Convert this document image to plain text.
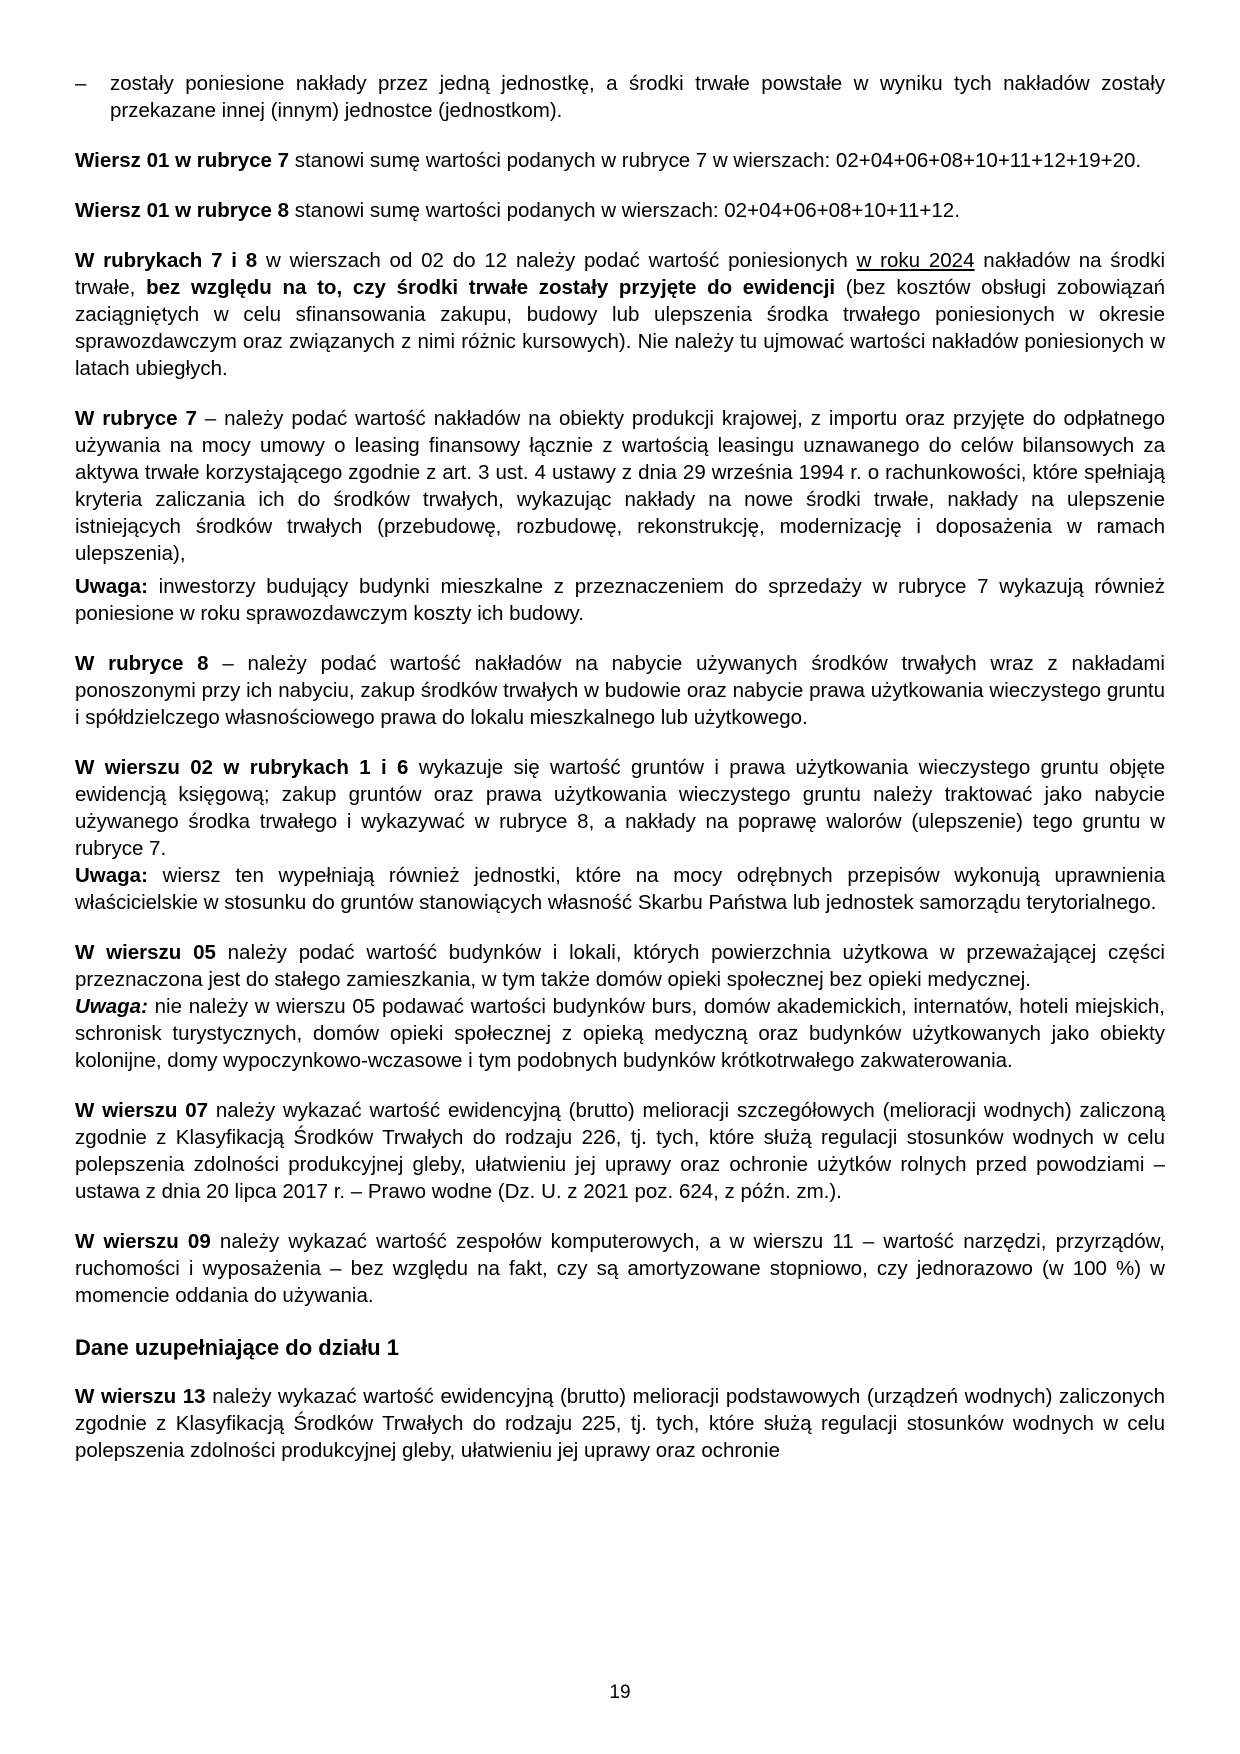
– zostały poniesione nakłady przez jedną jednostkę, a środki trwałe powstałe w wyniku tych nakładów zostały przekazane innej (innym) jednostce (jednostkom).

Wiersz 01 w rubryce 7 stanowi sumę wartości podanych w rubryce 7 w wierszach: 02+04+06+08+10+11+12+19+20.

Wiersz 01 w rubryce 8 stanowi sumę wartości podanych w wierszach: 02+04+06+08+10+11+12.

W rubrykach 7 i 8 w wierszach od 02 do 12 należy podać wartość poniesionych w roku 2024 nakładów na środki trwałe, bez względu na to, czy środki trwałe zostały przyjęte do ewidencji (bez kosztów obsługi zobowiązań zaciągniętych w celu sfinansowania zakupu, budowy lub ulepszenia środka trwałego poniesionych w okresie sprawozdawczym oraz związanych z nimi różnic kursowych). Nie należy tu ujmować wartości nakładów poniesionych w latach ubiegłych.

W rubryce 7 – należy podać wartość nakładów na obiekty produkcji krajowej, z importu oraz przyjęte do odpłatnego używania na mocy umowy o leasing finansowy łącznie z wartością leasingu uznawanego do celów bilansowych za aktywa trwałe korzystającego zgodnie z art. 3 ust. 4 ustawy z dnia 29 września 1994 r. o rachunkowości, które spełniają kryteria zaliczania ich do środków trwałych, wykazując nakłady na nowe środki trwałe, nakłady na ulepszenie istniejących środków trwałych (przebudowę, rozbudowę, rekonstrukcję, modernizację i doposażenia w ramach ulepszenia),

Uwaga: inwestorzy budujący budynki mieszkalne z przeznaczeniem do sprzedaży w rubryce 7 wykazują również poniesione w roku sprawozdawczym koszty ich budowy.

W rubryce 8 – należy podać wartość nakładów na nabycie używanych środków trwałych wraz z nakładami ponoszonymi przy ich nabyciu, zakup środków trwałych w budowie oraz nabycie prawa użytkowania wieczystego gruntu i spółdzielczego własnościowego prawa do lokalu mieszkalnego lub użytkowego.

W wierszu 02 w rubrykach 1 i 6 wykazuje się wartość gruntów i prawa użytkowania wieczystego gruntu objęte ewidencją księgową; zakup gruntów oraz prawa użytkowania wieczystego gruntu należy traktować jako nabycie używanego środka trwałego i wykazywać w rubryce 8, a nakłady na poprawę walorów (ulepszenie) tego gruntu w rubryce 7.

Uwaga: wiersz ten wypełniają również jednostki, które na mocy odrębnych przepisów wykonują uprawnienia właścicielskie w stosunku do gruntów stanowiących własność Skarbu Państwa lub jednostek samorządu terytorialnego.

W wierszu 05 należy podać wartość budynków i lokali, których powierzchnia użytkowa w przeważającej części przeznaczona jest do stałego zamieszkania, w tym także domów opieki społecznej bez opieki medycznej.

Uwaga: nie należy w wierszu 05 podawać wartości budynków burs, domów akademickich, internatów, hoteli miejskich, schronisk turystycznych, domów opieki społecznej z opieką medyczną oraz budynków użytkowanych jako obiekty kolonijne, domy wypoczynkowo-wczasowe i tym podobnych budynków krótkotrwałego zakwaterowania.

W wierszu 07 należy wykazać wartość ewidencyjną (brutto) melioracji szczegółowych (melioracji wodnych) zaliczoną zgodnie z Klasyfikacją Środków Trwałych do rodzaju 226, tj. tych, które służą regulacji stosunków wodnych w celu polepszenia zdolności produkcyjnej gleby, ułatwieniu jej uprawy oraz ochronie użytków rolnych przed powodziami – ustawa z dnia 20 lipca 2017 r. – Prawo wodne (Dz. U. z 2021 poz. 624, z późn. zm.).

W wierszu 09 należy wykazać wartość zespołów komputerowych, a w wierszu 11 – wartość narzędzi, przyrządów, ruchomości i wyposażenia – bez względu na fakt, czy są amortyzowane stopniowo, czy jednorazowo (w 100 %) w momencie oddania do używania.

Dane uzupełniające do działu 1

W wierszu 13 należy wykazać wartość ewidencyjną (brutto) melioracji podstawowych (urządzeń wodnych) zaliczonych zgodnie z Klasyfikacją Środków Trwałych do rodzaju 225, tj. tych, które służą regulacji stosunków wodnych w celu polepszenia zdolności produkcyjnej gleby, ułatwieniu jej uprawy oraz ochronie

19
